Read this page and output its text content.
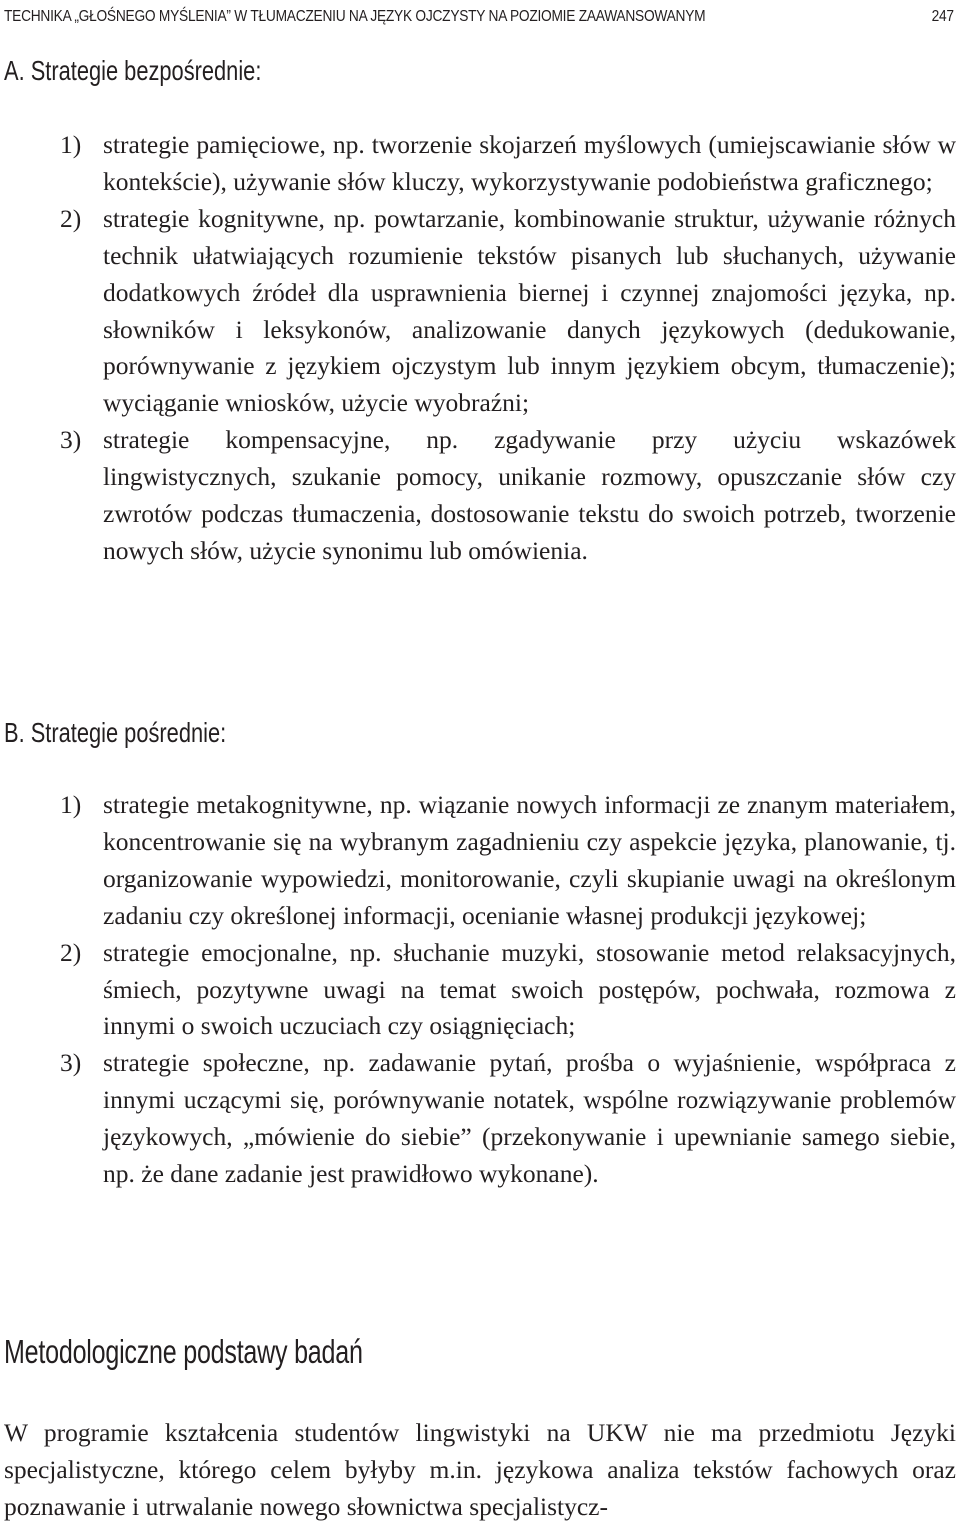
TECHNIKA „GŁOŚNEGO MYŚLENIA” W TŁUMACZENIU NA JĘZYK OJCZYSTY NA POZIOMIE ZAAWANSOWANYM	247
A. Strategie bezpośrednie:
1) strategie pamięciowe, np. tworzenie skojarzeń myślowych (umiejscawianie słów w kontekście), używanie słów kluczy, wykorzystywanie podobieństwa graficznego;
2) strategie kognitywne, np. powtarzanie, kombinowanie struktur, używanie różnych technik ułatwiających rozumienie tekstów pisanych lub słuchanych, używanie dodatkowych źródeł dla usprawnienia biernej i czynnej znajomości języka, np. słowników i leksykonów, analizowanie danych językowych (dedukowanie, porównywanie z językiem ojczystym lub innym językiem obcym, tłumaczenie); wyciąganie wniosków, użycie wyobraźni;
3) strategie kompensacyjne, np. zgadywanie przy użyciu wskazówek lingwistycznych, szukanie pomocy, unikanie rozmowy, opuszczanie słów czy zwrotów podczas tłumaczenia, dostosowanie tekstu do swoich potrzeb, tworzenie nowych słów, użycie synonimu lub omówienia.
B. Strategie pośrednie:
1) strategie metakognitywne, np. wiązanie nowych informacji ze znanym materiałem, koncentrowanie się na wybranym zagadnieniu czy aspekcie języka, planowanie, tj. organizowanie wypowiedzi, monitorowanie, czyli skupianie uwagi na określonym zadaniu czy określonej informacji, ocenianie własnej produkcji językowej;
2) strategie emocjonalne, np. słuchanie muzyki, stosowanie metod relaksacyjnych, śmiech, pozytywne uwagi na temat swoich postępów, pochwała, rozmowa z innymi o swoich uczuciach czy osiągnięciach;
3) strategie społeczne, np. zadawanie pytań, prośba o wyjaśnienie, współpraca z innymi uczącymi się, porównywanie notatek, wspólne rozwiązywanie problemów językowych, „mówienie do siebie” (przekonywanie i upewnianie samego siebie, np. że dane zadanie jest prawidłowo wykonane).
Metodologiczne podstawy badań

W programie kształcenia studentów lingwistyki na UKW nie ma przedmiotu Języki specjalistyczne, którego celem byłyby m.in. językowa analiza tekstów fachowych oraz poznawanie i utrwalanie nowego słownictwa specjalistycz-
